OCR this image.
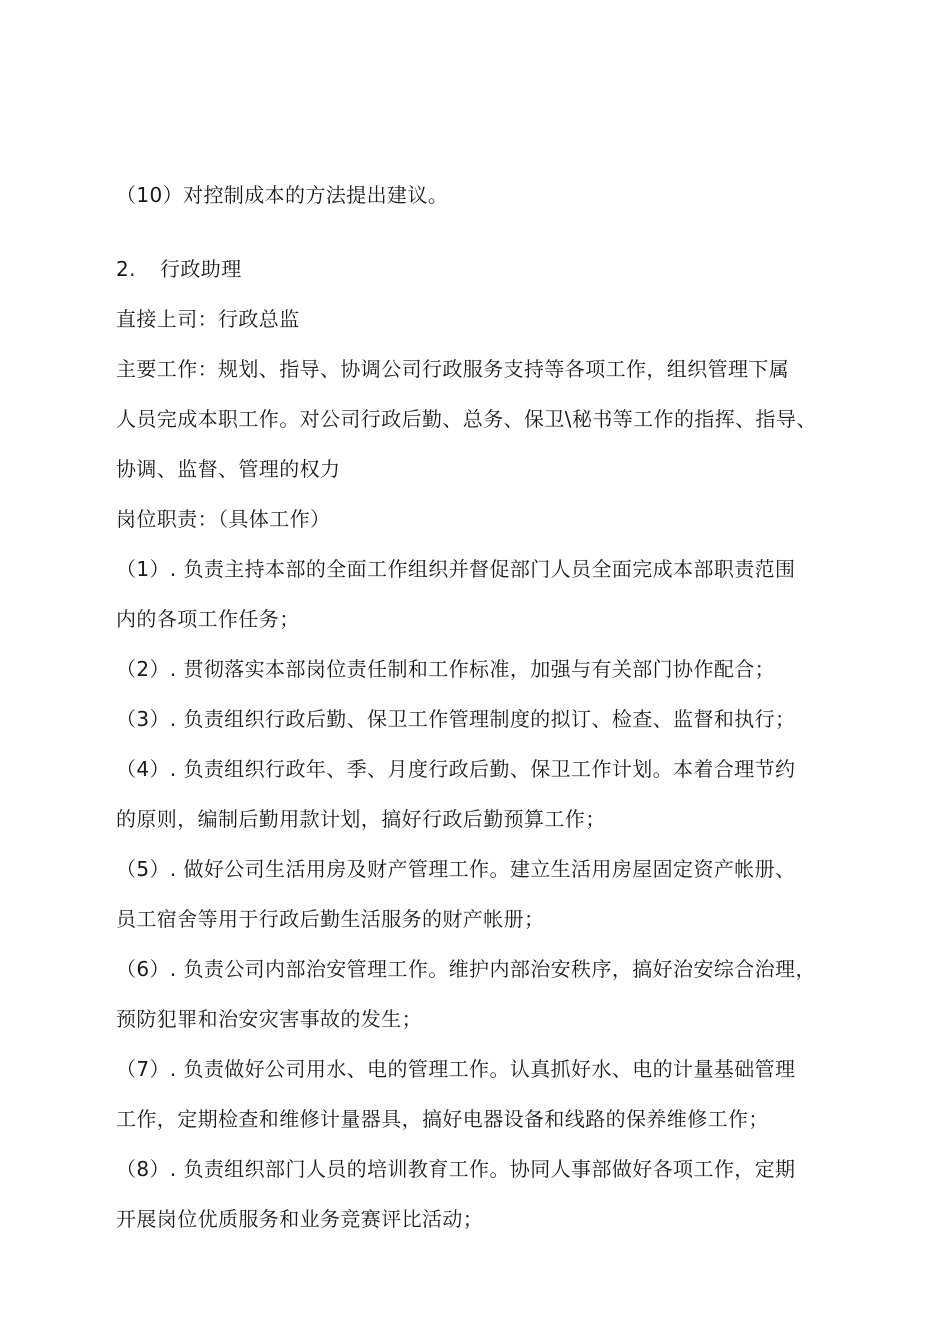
（10）对控制成本的方法提出建议。
2. 行政助理
直接上司：行政总监
主要工作：规划、指导、协调公司行政服务支持等各项工作，组织管理下属
人员完成本职工作。对公司行政后勤、总务、保卫\秘书等工作的指挥、指导、
协调、监督、管理的权力
岗位职责：（具体工作）
（1）. 负责主持本部的全面工作组织并督促部门人员全面完成本部职责范围
内的各项工作任务；
（2）. 贯彻落实本部岗位责任制和工作标准，加强与有关部门协作配合；
（3）. 负责组织行政后勤、保卫工作管理制度的拟订、检查、监督和执行；
（4）. 负责组织行政年、季、月度行政后勤、保卫工作计划。本着合理节约
的原则，编制后勤用款计划，搞好行政后勤预算工作；
（5）. 做好公司生活用房及财产管理工作。建立生活用房屋固定资产帐册、
员工宿舍等用于行政后勤生活服务的财产帐册；
（6）. 负责公司内部治安管理工作。维护内部治安秩序，搞好治安综合治理，
预防犯罪和治安灾害事故的发生；
（7）. 负责做好公司用水、电的管理工作。认真抓好水、电的计量基础管理
工作，定期检查和维修计量器具，搞好电器设备和线路的保养维修工作；
（8）. 负责组织部门人员的培训教育工作。协同人事部做好各项工作，定期
开展岗位优质服务和业务竞赛评比活动；
